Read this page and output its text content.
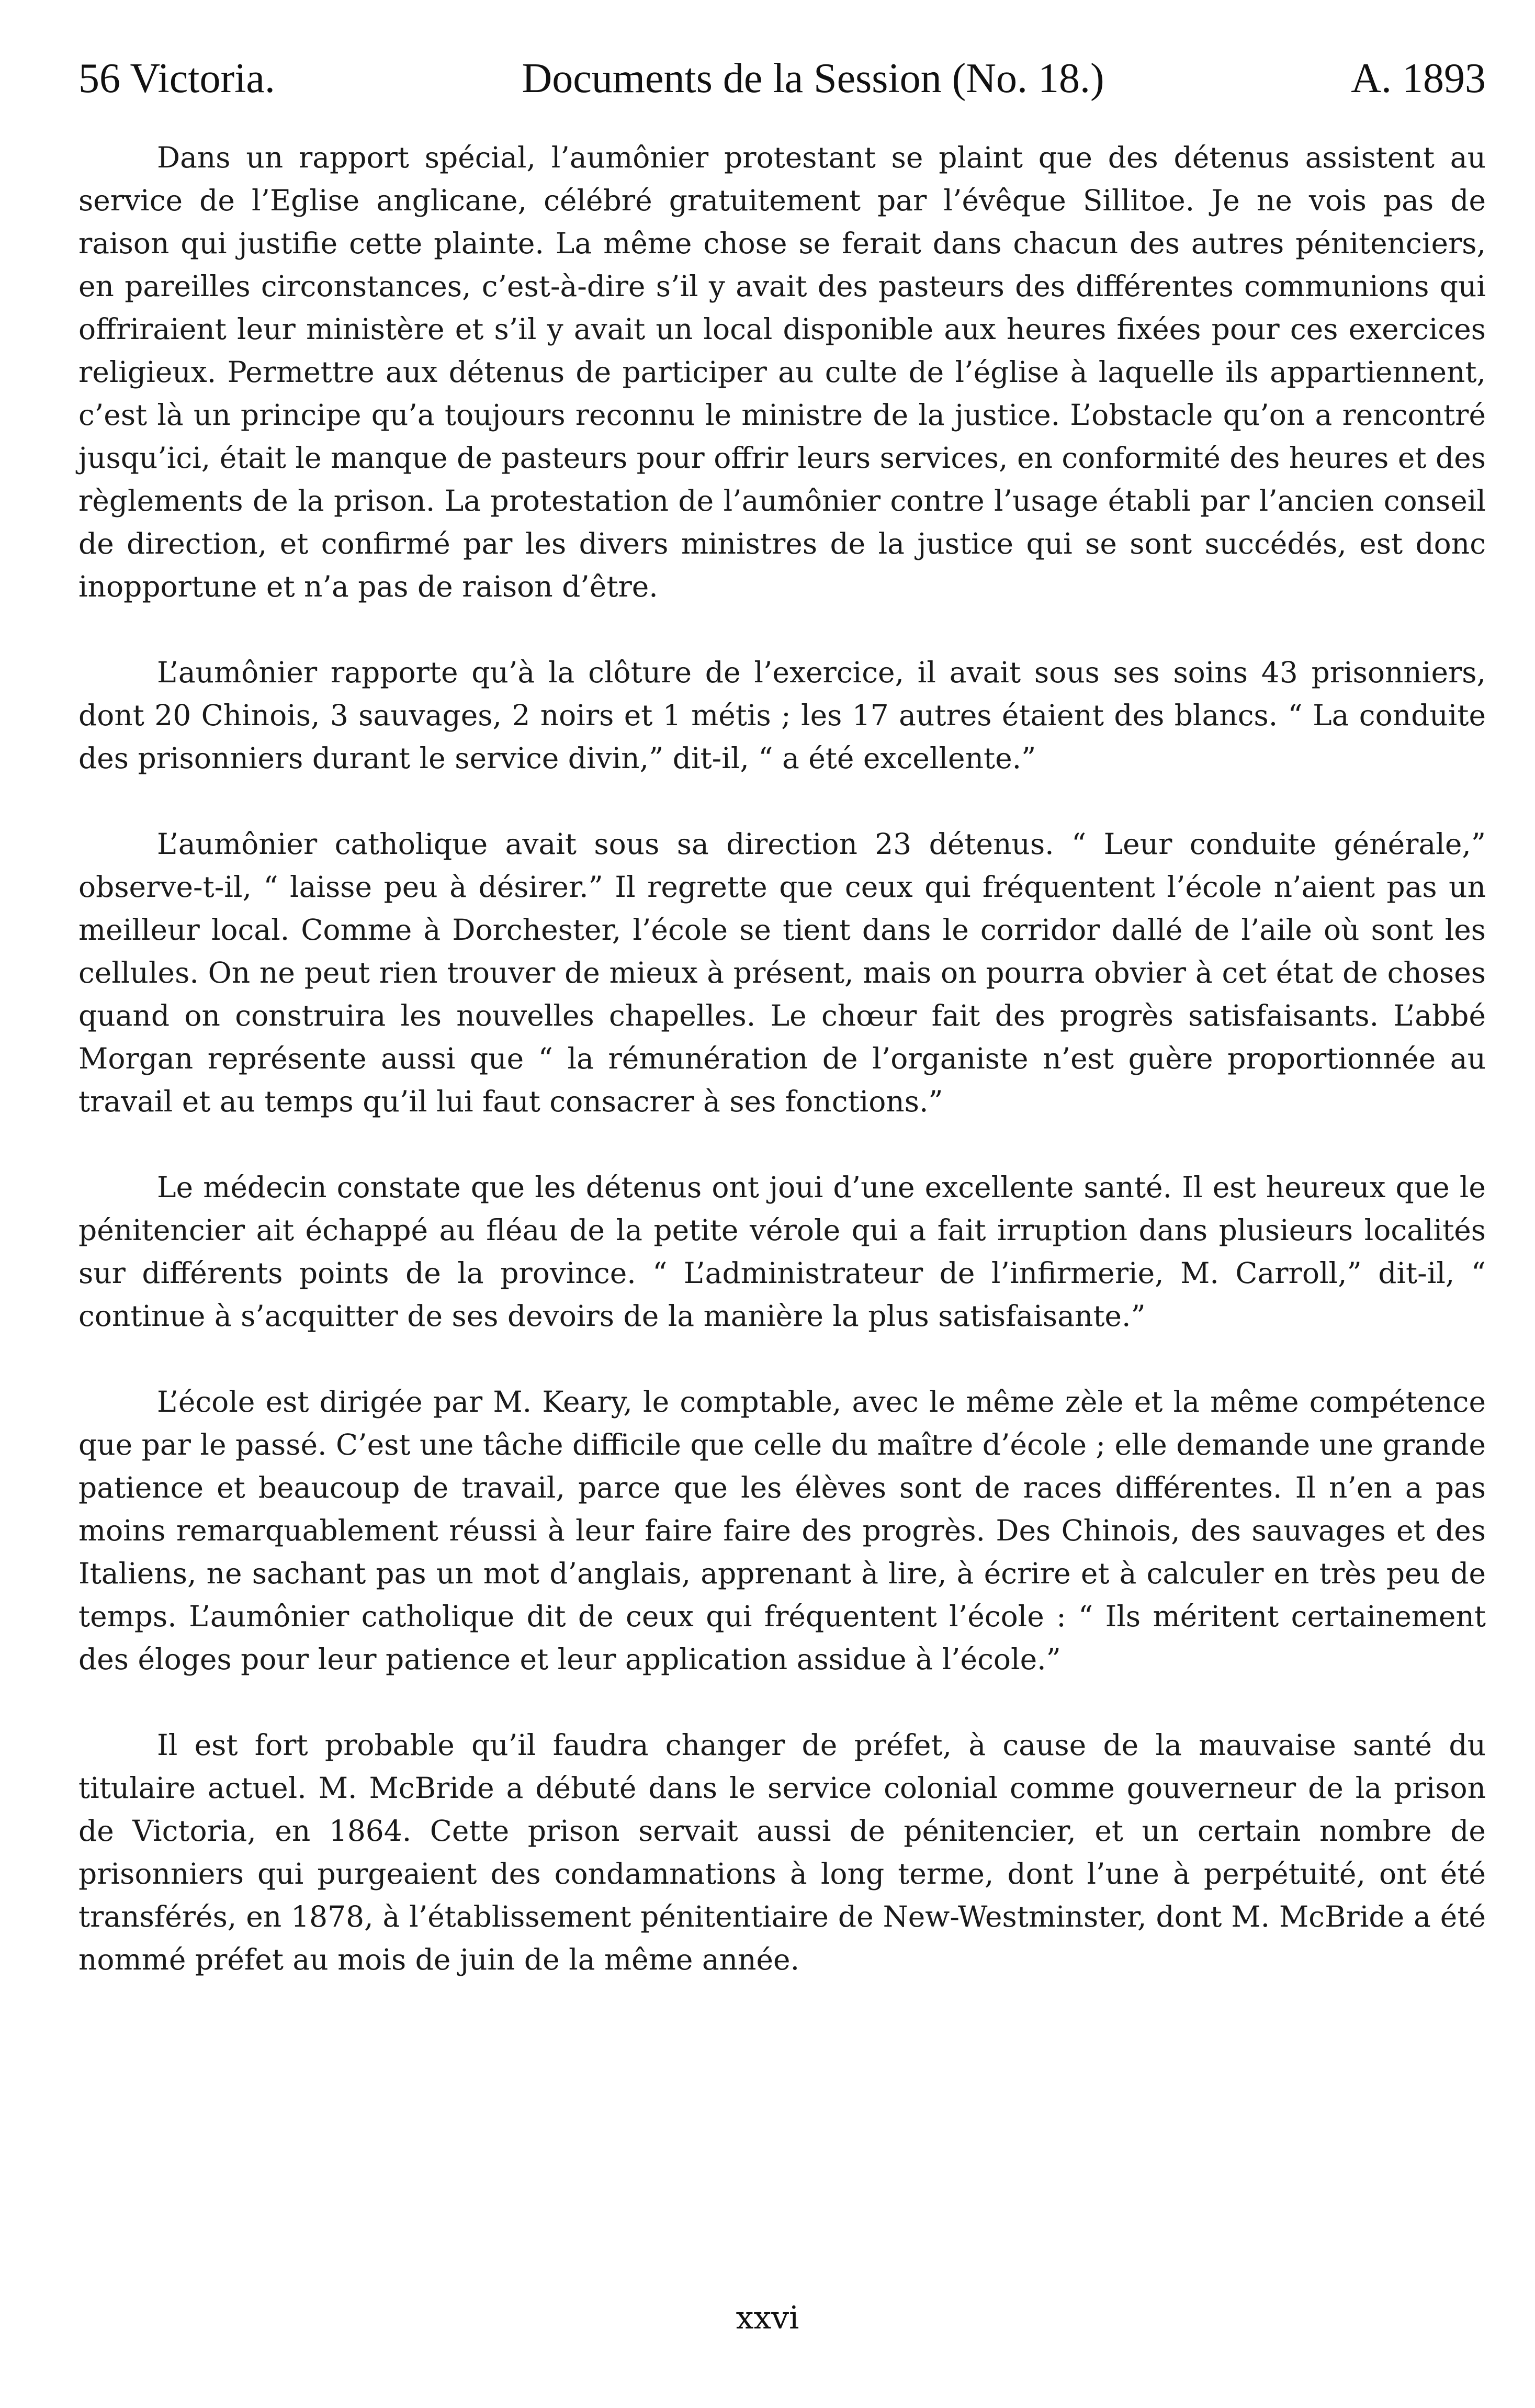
56 Victoria.	Documents de la Session (No. 18.)	A. 1893

Dans un rapport spécial, l’aumônier protestant se plaint que des détenus assistent au service de l’Eglise anglicane, célébré gratuitement par l’évêque Sillitoe. Je ne vois pas de raison qui justifie cette plainte. La même chose se ferait dans chacun des autres pénitenciers, en pareilles circonstances, c’est-à-dire s’il y avait des pasteurs des différentes communions qui offriraient leur ministère et s’il y avait un local disponible aux heures fixées pour ces exercices religieux. Permettre aux détenus de participer au culte de l’église à laquelle ils appartiennent, c’est là un principe qu’a toujours reconnu le ministre de la justice. L’obstacle qu’on a rencontré jusqu’ici, était le manque de pasteurs pour offrir leurs services, en conformité des heures et des règlements de la prison. La protestation de l’aumônier contre l’usage établi par l’ancien conseil de direction, et confirmé par les divers ministres de la justice qui se sont succédés, est donc inopportune et n’a pas de raison d’être.

L’aumônier rapporte qu’à la clôture de l’exercice, il avait sous ses soins 43 prisonniers, dont 20 Chinois, 3 sauvages, 2 noirs et 1 métis ; les 17 autres étaient des blancs. “ La conduite des prisonniers durant le service divin,” dit-il, “ a été excellente.”

L’aumônier catholique avait sous sa direction 23 détenus. “ Leur conduite générale,” observe-t-il, “ laisse peu à désirer.” Il regrette que ceux qui fréquentent l’école n’aient pas un meilleur local. Comme à Dorchester, l’école se tient dans le corridor dallé de l’aile où sont les cellules. On ne peut rien trouver de mieux à présent, mais on pourra obvier à cet état de choses quand on construira les nouvelles chapelles. Le chœur fait des progrès satisfaisants. L’abbé Morgan représente aussi que “ la rémunération de l’organiste n’est guère proportionnée au travail et au temps qu’il lui faut consacrer à ses fonctions.”

Le médecin constate que les détenus ont joui d’une excellente santé. Il est heureux que le pénitencier ait échappé au fléau de la petite vérole qui a fait irruption dans plusieurs localités sur différents points de la province. “ L’administrateur de l’infirmerie, M. Carroll,” dit-il, “ continue à s’acquitter de ses devoirs de la manière la plus satisfaisante.”

L’école est dirigée par M. Keary, le comptable, avec le même zèle et la même compétence que par le passé. C’est une tâche difficile que celle du maître d’école ; elle demande une grande patience et beaucoup de travail, parce que les élèves sont de races différentes. Il n’en a pas moins remarquablement réussi à leur faire faire des progrès. Des Chinois, des sauvages et des Italiens, ne sachant pas un mot d’anglais, apprenant à lire, à écrire et à calculer en très peu de temps. L’aumônier catholique dit de ceux qui fréquentent l’école : “ Ils méritent certainement des éloges pour leur patience et leur application assidue à l’école.”

Il est fort probable qu’il faudra changer de préfet, à cause de la mauvaise santé du titulaire actuel. M. McBride a débuté dans le service colonial comme gouverneur de la prison de Victoria, en 1864. Cette prison servait aussi de pénitencier, et un certain nombre de prisonniers qui purgeaient des condamnations à long terme, dont l’une à perpétuité, ont été transférés, en 1878, à l’établissement pénitentiaire de New-Westminster, dont M. McBride a été nommé préfet au mois de juin de la même année.

xxvi
